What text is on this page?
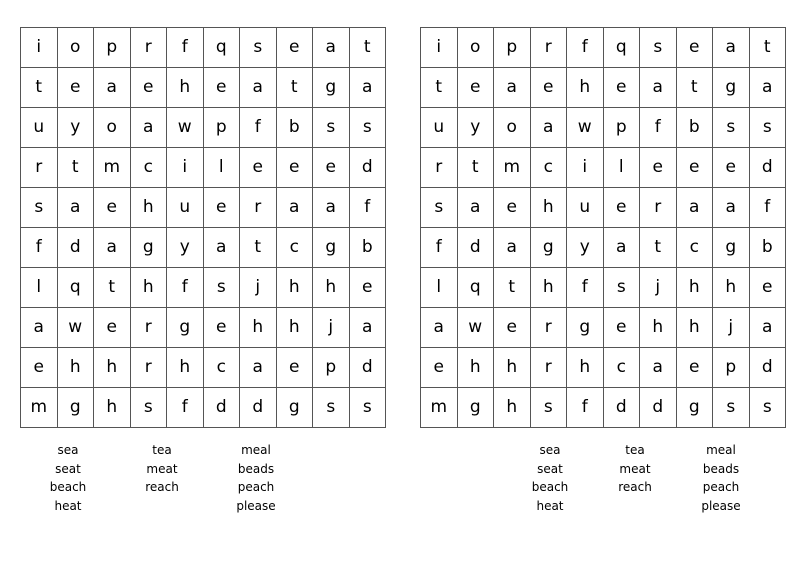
i	o	p	r	f	q	s	e	a	t
t	e	a	e	h	e	a	t	g	a
u	y	o	a	w	p	f	b	s	s
r	t	m	c	i	l	e	e	e	d
s	a	e	h	u	e	r	a	a	f
f	d	a	g	y	a	t	c	g	b
l	q	t	h	f	s	j	h	h	e
a	w	e	r	g	e	h	h	j	a
e	h	h	r	h	c	a	e	p	d
m	g	h	s	f	d	d	g	s	s
sea
seat
beach
heat
tea
meat
reach
meal
beads
peach
please
i	o	p	r	f	q	s	e	a	t
t	e	a	e	h	e	a	t	g	a
u	y	o	a	w	p	f	b	s	s
r	t	m	c	i	l	e	e	e	d
s	a	e	h	u	e	r	a	a	f
f	d	a	g	y	a	t	c	g	b
l	q	t	h	f	s	j	h	h	e
a	w	e	r	g	e	h	h	j	a
e	h	h	r	h	c	a	e	p	d
m	g	h	s	f	d	d	g	s	s
sea
seat
beach
heat
tea
meat
reach
meal
beads
peach
please
